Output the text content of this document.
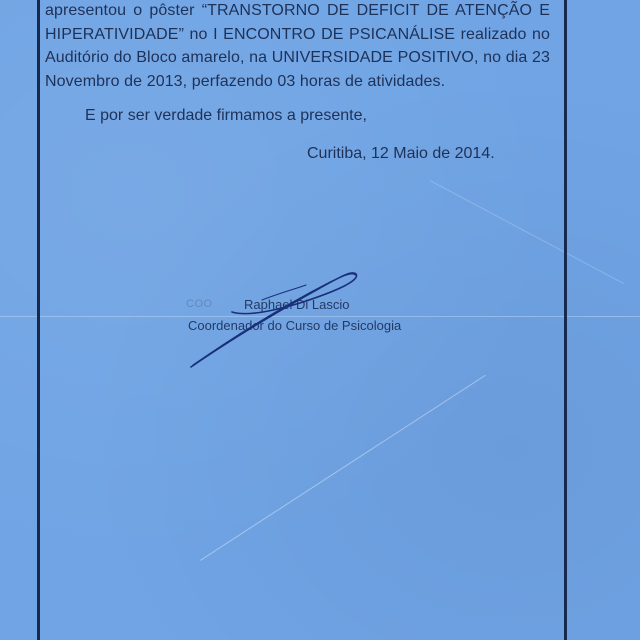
apresentou o pôster “TRANSTORNO DE DEFICIT DE ATENÇÃO E
HIPERATIVIDADE” no I ENCONTRO DE PSICANÁLISE realizado no
Auditório do Bloco amarelo, na UNIVERSIDADE POSITIVO, no dia 23
Novembro de 2013, perfazendo 03 horas de atividades.
E por ser verdade firmamos a presente,
Curitiba, 12 Maio de 2014.
COO Raphael Di Lascio
Coordenador do Curso de Psicologia
